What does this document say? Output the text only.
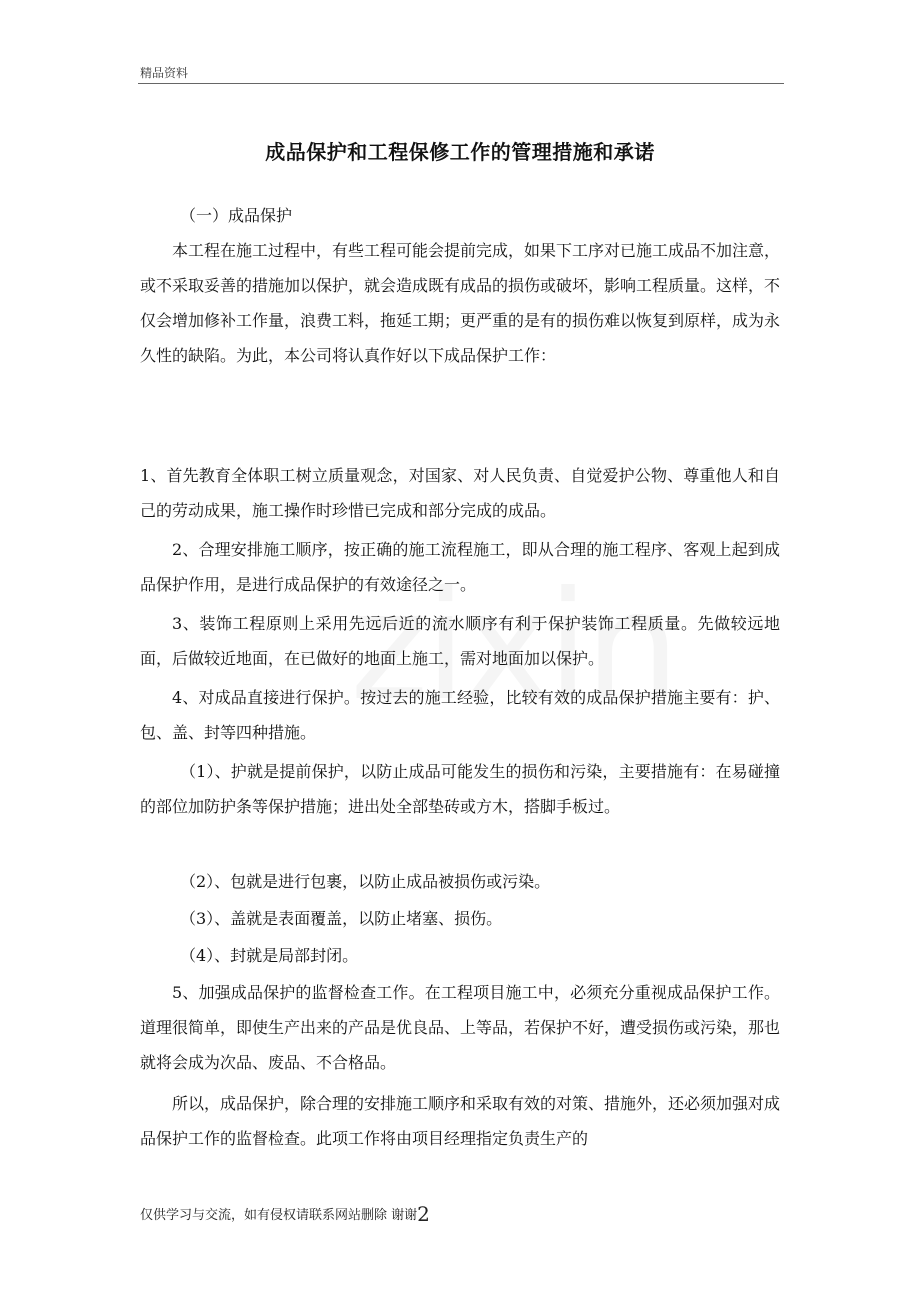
精品资料
成品保护和工程保修工作的管理措施和承诺

（一）成品保护

本工程在施工过程中，有些工程可能会提前完成，如果下工序对已施工成品不加注意，或不采取妥善的措施加以保护，就会造成既有成品的损伤或破坏，影响工程质量。这样，不仅会增加修补工作量，浪费工料，拖延工期；更严重的是有的损伤难以恢复到原样，成为永久性的缺陷。为此，本公司将认真作好以下成品保护工作：

1、首先教育全体职工树立质量观念，对国家、对人民负责、自觉爱护公物、尊重他人和自己的劳动成果，施工操作时珍惜已完成和部分完成的成品。

2、合理安排施工顺序，按正确的施工流程施工，即从合理的施工程序、客观上起到成品保护作用，是进行成品保护的有效途径之一。

3、装饰工程原则上采用先远后近的流水顺序有利于保护装饰工程质量。先做较远地面，后做较近地面，在已做好的地面上施工，需对地面加以保护。

4、对成品直接进行保护。按过去的施工经验，比较有效的成品保护措施主要有：护、包、盖、封等四种措施。

（1）、护就是提前保护，以防止成品可能发生的损伤和污染，主要措施有：在易碰撞的部位加防护条等保护措施；进出处全部垫砖或方木，搭脚手板过。

（2）、包就是进行包裹，以防止成品被损伤或污染。

（3）、盖就是表面覆盖，以防止堵塞、损伤。

（4）、封就是局部封闭。

5、加强成品保护的监督检查工作。在工程项目施工中，必须充分重视成品保护工作。道理很简单，即使生产出来的产品是优良品、上等品，若保护不好，遭受损伤或污染，那也就将会成为次品、废品、不合格品。

所以，成品保护，除合理的安排施工顺序和采取有效的对策、措施外，还必须加强对成品保护工作的监督检查。此项工作将由项目经理指定负责生产的

仅供学习与交流，如有侵权请联系网站删除 谢谢2
